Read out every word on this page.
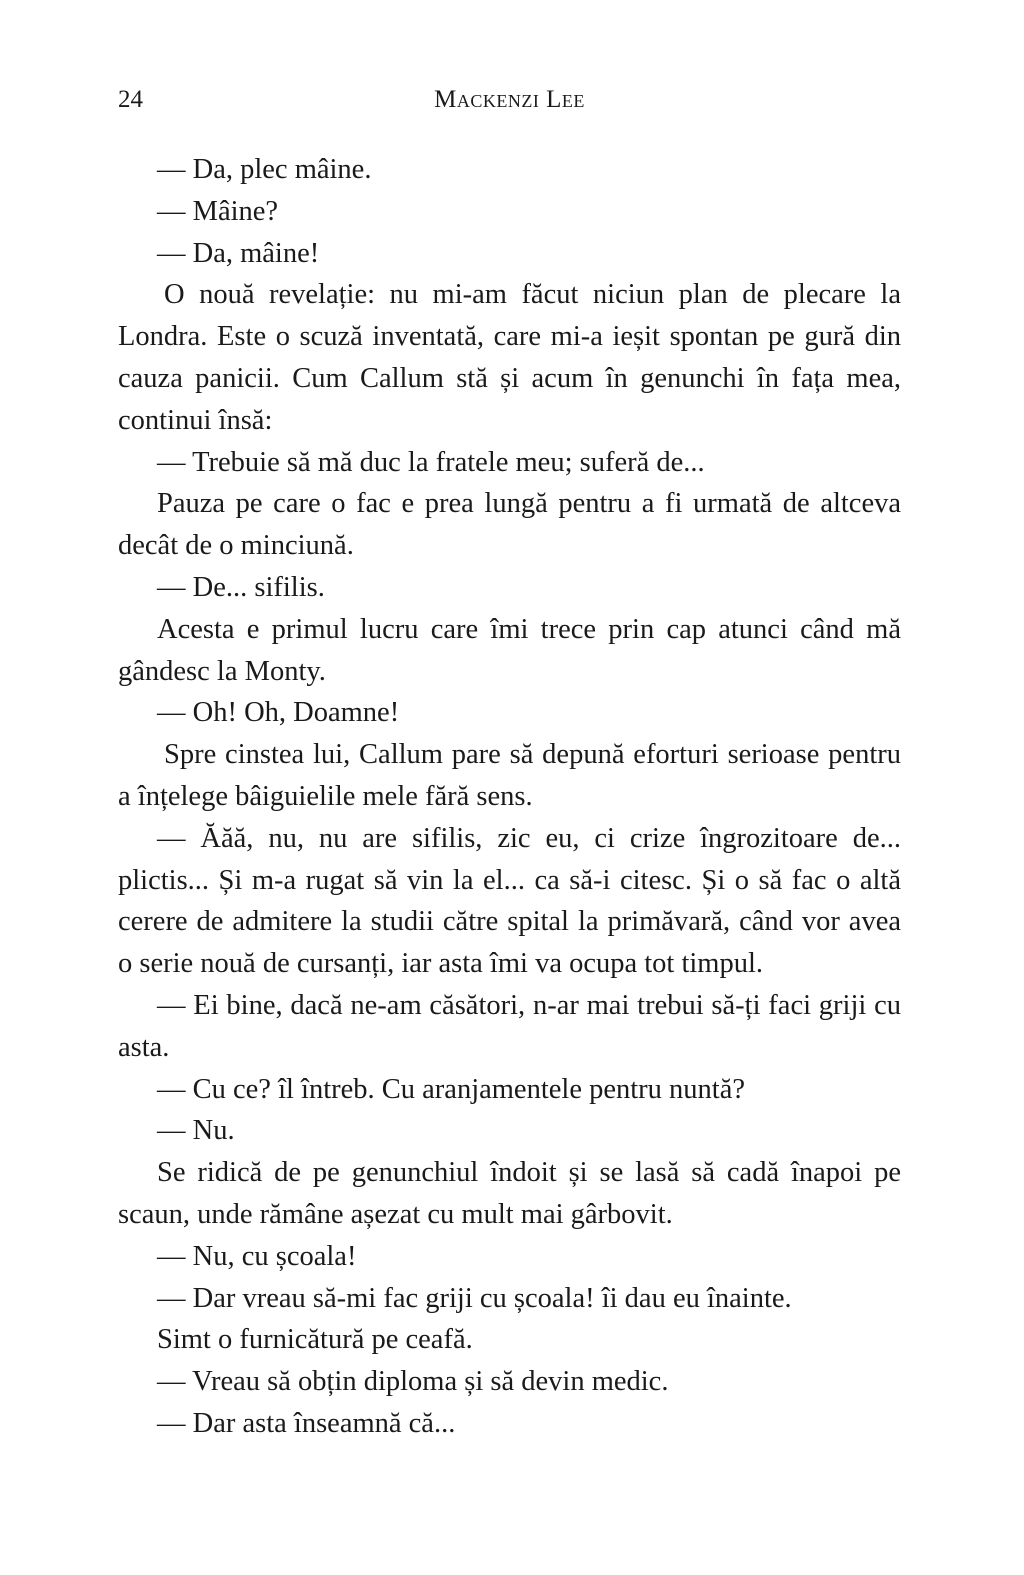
24	Mackenzi Lee

— Da, plec mâine.

— Mâine?

— Da, mâine!

O nouă revelație: nu mi-am făcut niciun plan de plecare la Londra. Este o scuză inventată, care mi-a ieșit spontan pe gură din cauza panicii. Cum Callum stă și acum în genunchi în fața mea, continui însă:

— Trebuie să mă duc la fratele meu; suferă de...

Pauza pe care o fac e prea lungă pentru a fi urmată de altceva decât de o minciună.

— De... sifilis.

Acesta e primul lucru care îmi trece prin cap atunci când mă gândesc la Monty.

— Oh! Oh, Doamne!

Spre cinstea lui, Callum pare să depună eforturi serioase pentru a înțelege bâiguielile mele fără sens.

— Ăăă, nu, nu are sifilis, zic eu, ci crize îngrozitoare de... plictis... Și m-a rugat să vin la el... ca să-i citesc. Și o să fac o altă cerere de admitere la studii către spital la primăvară, când vor avea o serie nouă de cursanți, iar asta îmi va ocupa tot timpul.

— Ei bine, dacă ne-am căsători, n-ar mai trebui să-ți faci griji cu asta.

— Cu ce? îl întreb. Cu aranjamentele pentru nuntă?

— Nu.

Se ridică de pe genunchiul îndoit și se lasă să cadă înapoi pe scaun, unde rămâne așezat cu mult mai gârbovit.

— Nu, cu școala!

— Dar vreau să-mi fac griji cu școala! îi dau eu înainte.

Simt o furnicătură pe ceafă.

— Vreau să obțin diploma și să devin medic.

— Dar asta înseamnă că...
